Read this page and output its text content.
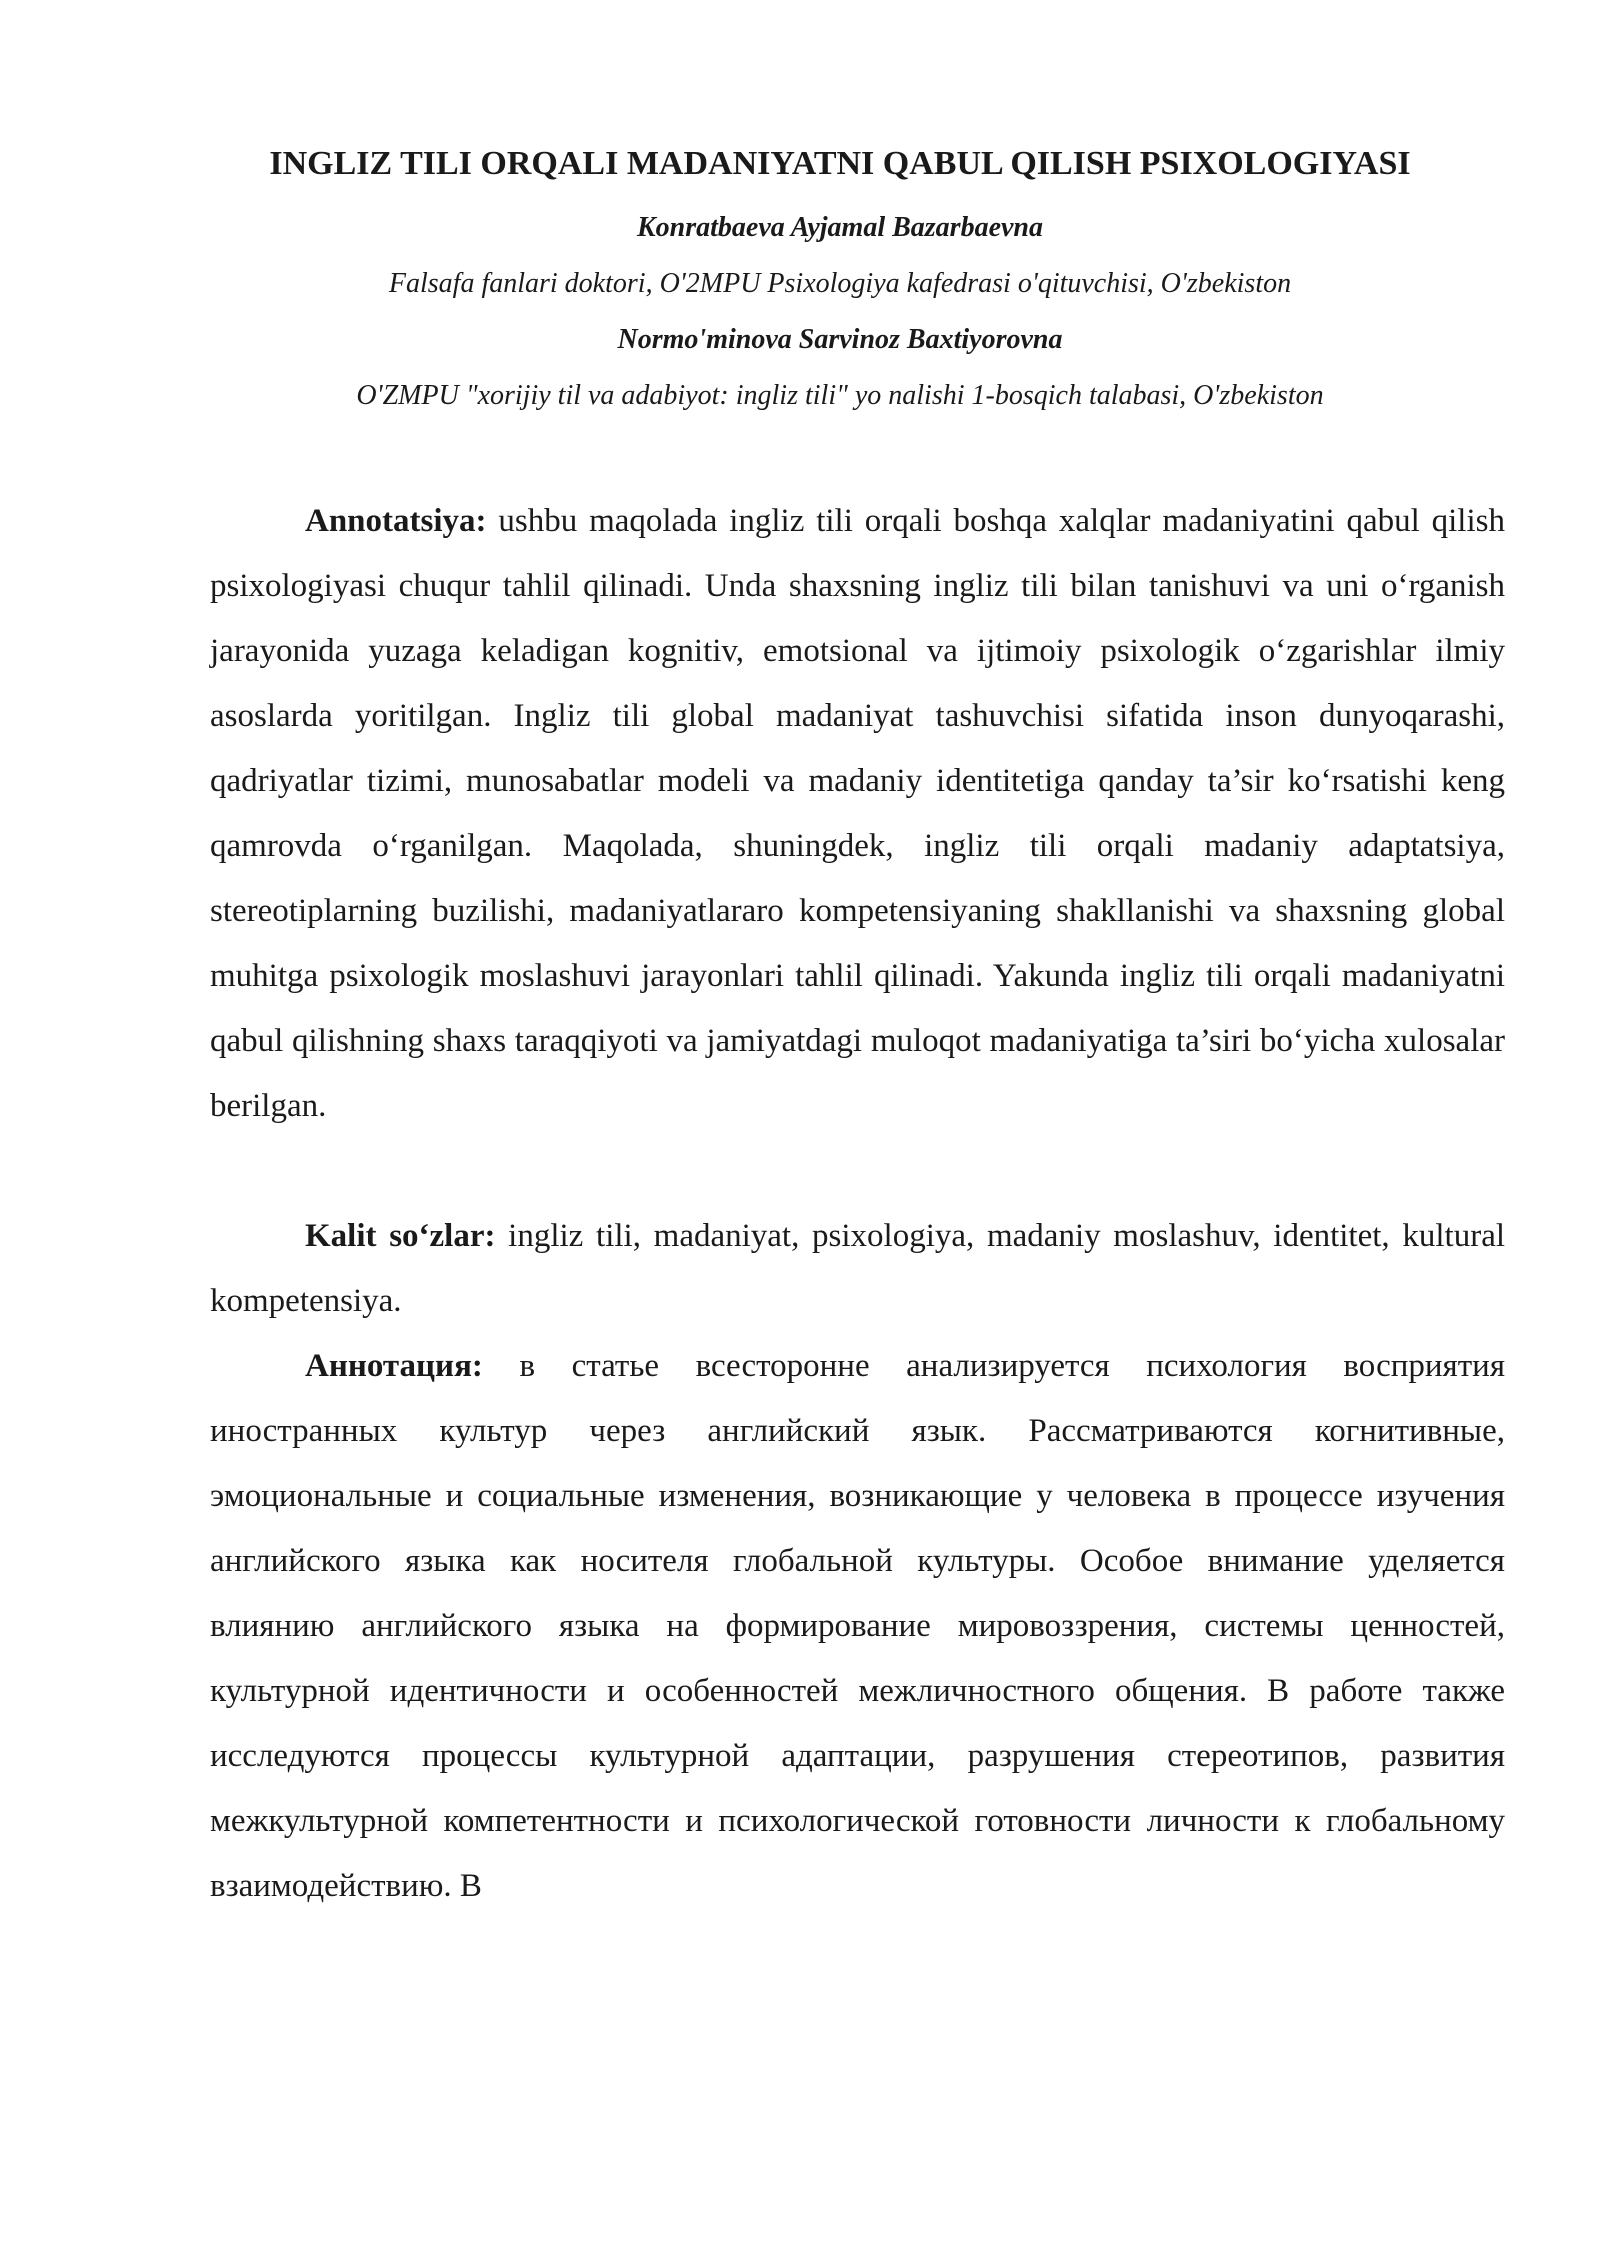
INGLIZ TILI ORQALI MADANIYATNI QABUL QILISH PSIXOLOGIYASI

Konratbaeva Ayjamal Bazarbaevna

Falsafa fanlari doktori, O'2MPU Psixologiya kafedrasi o'qituvchisi, O'zbekiston

Normo'minova Sarvinoz Baxtiyorovna

O'ZMPU "xorijiy til va adabiyot: ingliz tili" yo nalishi 1-bosqich talabasi, O'zbekiston

Annotatsiya: ushbu maqolada ingliz tili orqali boshqa xalqlar madaniyatini qabul qilish psixologiyasi chuqur tahlil qilinadi. Unda shaxsning ingliz tili bilan tanishuvi va uni o‘rganish jarayonida yuzaga keladigan kognitiv, emotsional va ijtimoiy psixologik o‘zgarishlar ilmiy asoslarda yoritilgan. Ingliz tili global madaniyat tashuvchisi sifatida inson dunyoqarashi, qadriyatlar tizimi, munosabatlar modeli va madaniy identitetiga qanday ta’sir ko‘rsatishi keng qamrovda o‘rganilgan. Maqolada, shuningdek, ingliz tili orqali madaniy adaptatsiya, stereotiplarning buzilishi, madaniyatlararo kompetensiyaning shakllanishi va shaxsning global muhitga psixologik moslashuvi jarayonlari tahlil qilinadi. Yakunda ingliz tili orqali madaniyatni qabul qilishning shaxs taraqqiyoti va jamiyatdagi muloqot madaniyatiga ta’siri bo‘yicha xulosalar berilgan.

Kalit so‘zlar: ingliz tili, madaniyat, psixologiya, madaniy moslashuv, identitet, kultural kompetensiya.

Аннотация: в статье всесторонне анализируется психология восприятия иностранных культур через английский язык. Рассматриваются когнитивные, эмоциональные и социальные изменения, возникающие у человека в процессе изучения английского языка как носителя глобальной культуры. Особое внимание уделяется влиянию английского языка на формирование мировоззрения, системы ценностей, культурной идентичности и особенностей межличностного общения. В работе также исследуются процессы культурной адаптации, разрушения стереотипов, развития межкультурной компетентности и психологической готовности личности к глобальному взаимодействию. В
